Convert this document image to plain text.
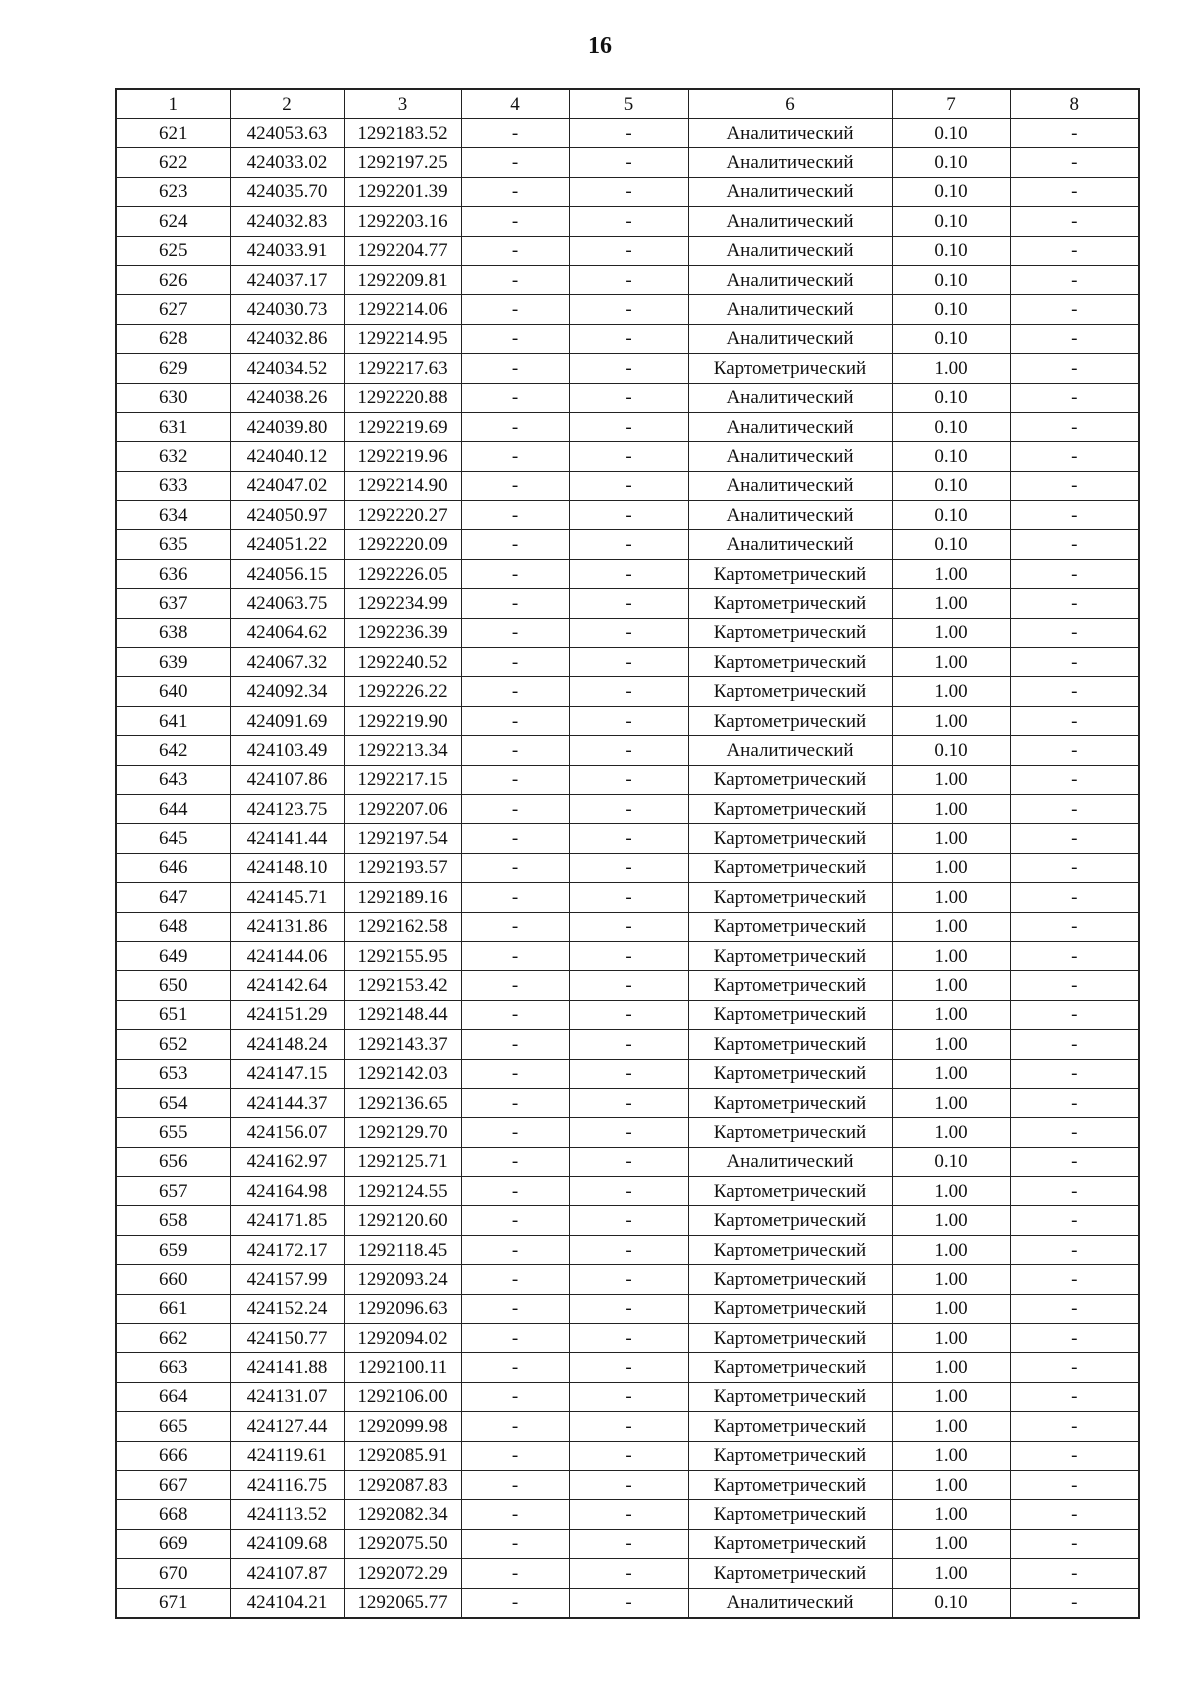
16
1	2	3	4	5	6	7	8
621	424053.63	1292183.52	-	-	Аналитический	0.10	-
622	424033.02	1292197.25	-	-	Аналитический	0.10	-
623	424035.70	1292201.39	-	-	Аналитический	0.10	-
624	424032.83	1292203.16	-	-	Аналитический	0.10	-
625	424033.91	1292204.77	-	-	Аналитический	0.10	-
626	424037.17	1292209.81	-	-	Аналитический	0.10	-
627	424030.73	1292214.06	-	-	Аналитический	0.10	-
628	424032.86	1292214.95	-	-	Аналитический	0.10	-
629	424034.52	1292217.63	-	-	Картометрический	1.00	-
630	424038.26	1292220.88	-	-	Аналитический	0.10	-
631	424039.80	1292219.69	-	-	Аналитический	0.10	-
632	424040.12	1292219.96	-	-	Аналитический	0.10	-
633	424047.02	1292214.90	-	-	Аналитический	0.10	-
634	424050.97	1292220.27	-	-	Аналитический	0.10	-
635	424051.22	1292220.09	-	-	Аналитический	0.10	-
636	424056.15	1292226.05	-	-	Картометрический	1.00	-
637	424063.75	1292234.99	-	-	Картометрический	1.00	-
638	424064.62	1292236.39	-	-	Картометрический	1.00	-
639	424067.32	1292240.52	-	-	Картометрический	1.00	-
640	424092.34	1292226.22	-	-	Картометрический	1.00	-
641	424091.69	1292219.90	-	-	Картометрический	1.00	-
642	424103.49	1292213.34	-	-	Аналитический	0.10	-
643	424107.86	1292217.15	-	-	Картометрический	1.00	-
644	424123.75	1292207.06	-	-	Картометрический	1.00	-
645	424141.44	1292197.54	-	-	Картометрический	1.00	-
646	424148.10	1292193.57	-	-	Картометрический	1.00	-
647	424145.71	1292189.16	-	-	Картометрический	1.00	-
648	424131.86	1292162.58	-	-	Картометрический	1.00	-
649	424144.06	1292155.95	-	-	Картометрический	1.00	-
650	424142.64	1292153.42	-	-	Картометрический	1.00	-
651	424151.29	1292148.44	-	-	Картометрический	1.00	-
652	424148.24	1292143.37	-	-	Картометрический	1.00	-
653	424147.15	1292142.03	-	-	Картометрический	1.00	-
654	424144.37	1292136.65	-	-	Картометрический	1.00	-
655	424156.07	1292129.70	-	-	Картометрический	1.00	-
656	424162.97	1292125.71	-	-	Аналитический	0.10	-
657	424164.98	1292124.55	-	-	Картометрический	1.00	-
658	424171.85	1292120.60	-	-	Картометрический	1.00	-
659	424172.17	1292118.45	-	-	Картометрический	1.00	-
660	424157.99	1292093.24	-	-	Картометрический	1.00	-
661	424152.24	1292096.63	-	-	Картометрический	1.00	-
662	424150.77	1292094.02	-	-	Картометрический	1.00	-
663	424141.88	1292100.11	-	-	Картометрический	1.00	-
664	424131.07	1292106.00	-	-	Картометрический	1.00	-
665	424127.44	1292099.98	-	-	Картометрический	1.00	-
666	424119.61	1292085.91	-	-	Картометрический	1.00	-
667	424116.75	1292087.83	-	-	Картометрический	1.00	-
668	424113.52	1292082.34	-	-	Картометрический	1.00	-
669	424109.68	1292075.50	-	-	Картометрический	1.00	-
670	424107.87	1292072.29	-	-	Картометрический	1.00	-
671	424104.21	1292065.77	-	-	Аналитический	0.10	-
